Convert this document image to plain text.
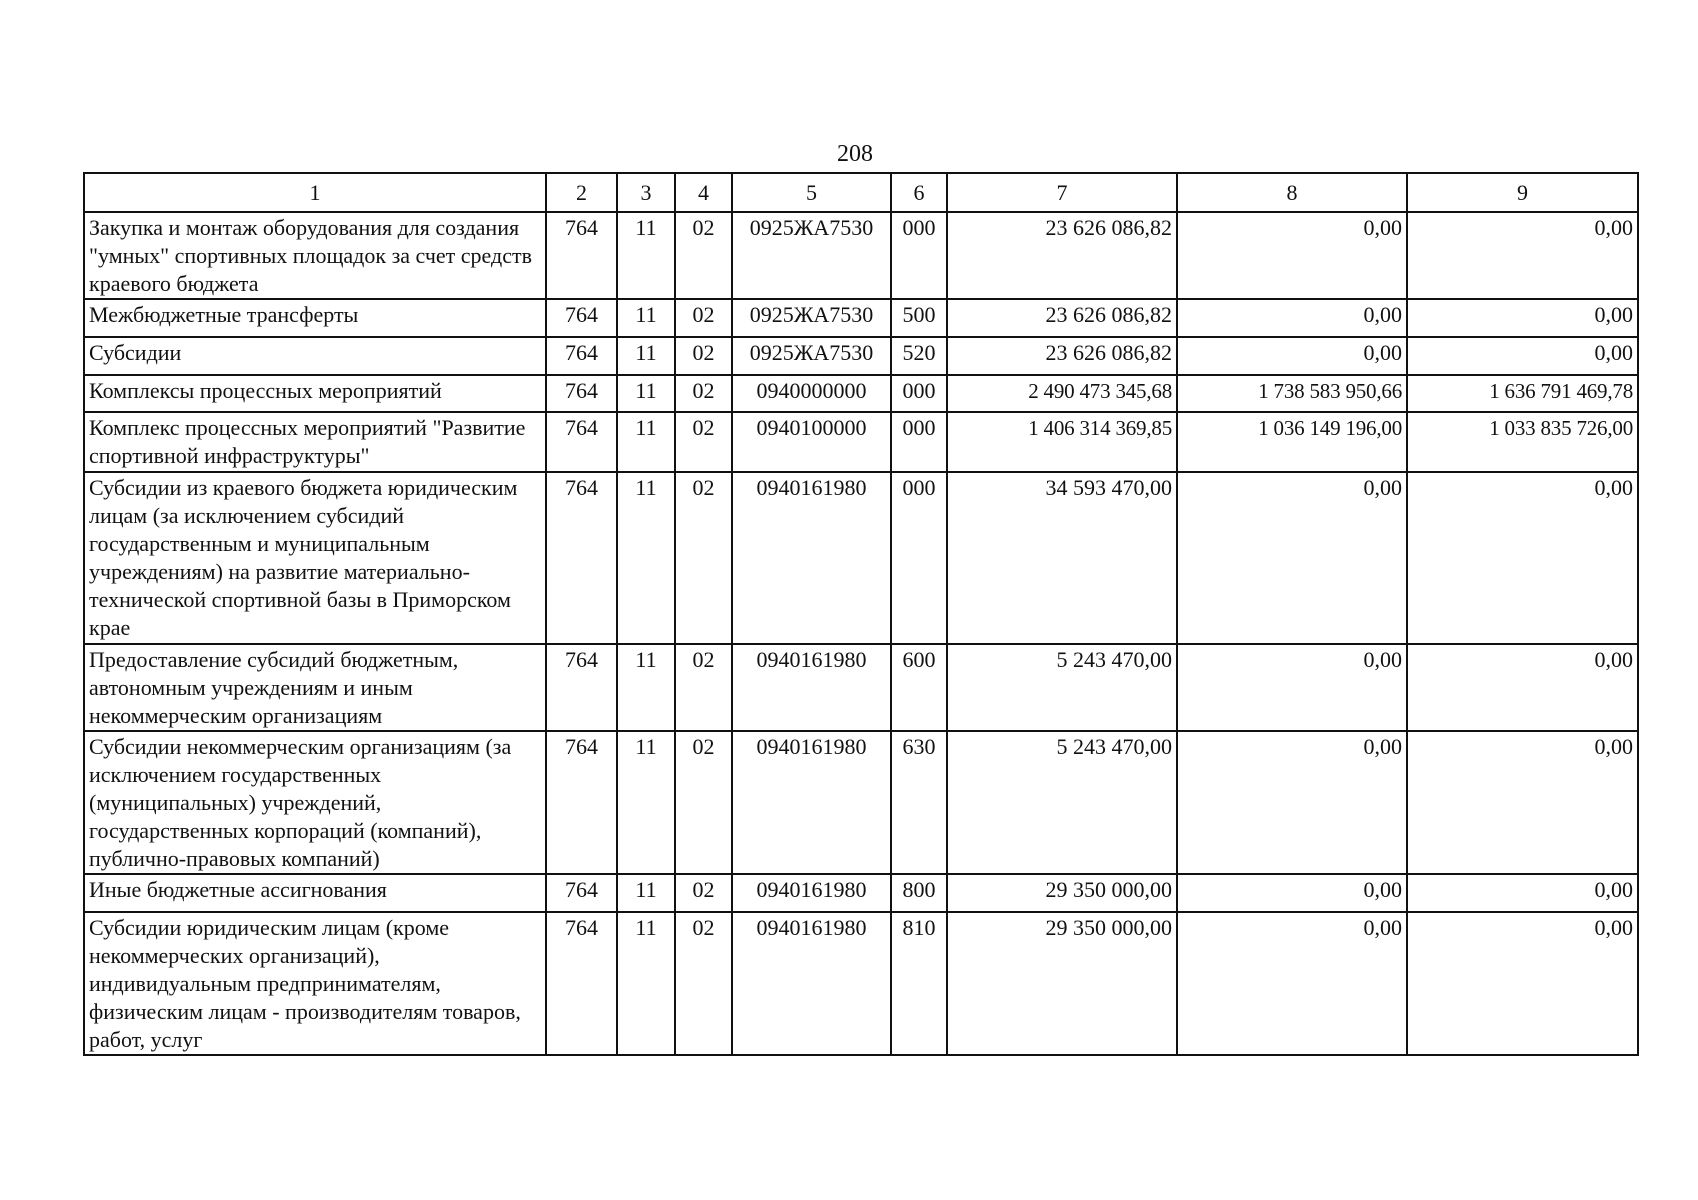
208
1	2	3	4	5	6	7	8	9
Закупка и монтаж оборудования для создания "умных" спортивных площадок за счет средств краевого бюджета	764	11	02	0925ЖА7530	000	23 626 086,82	0,00	0,00
Межбюджетные трансферты	764	11	02	0925ЖА7530	500	23 626 086,82	0,00	0,00
Субсидии	764	11	02	0925ЖА7530	520	23 626 086,82	0,00	0,00
Комплексы процессных мероприятий	764	11	02	0940000000	000	2 490 473 345,68	1 738 583 950,66	1 636 791 469,78
Комплекс процессных мероприятий "Развитие спортивной инфраструктуры"	764	11	02	0940100000	000	1 406 314 369,85	1 036 149 196,00	1 033 835 726,00
Субсидии из краевого бюджета юридическим лицам (за исключением субсидий государственным и муниципальным учреждениям) на развитие материально-технической спортивной базы в Приморском крае	764	11	02	0940161980	000	34 593 470,00	0,00	0,00
Предоставление субсидий бюджетным, автономным учреждениям и иным некоммерческим организациям	764	11	02	0940161980	600	5 243 470,00	0,00	0,00
Субсидии некоммерческим организациям (за исключением государственных (муниципальных) учреждений, государственных корпораций (компаний), публично-правовых компаний)	764	11	02	0940161980	630	5 243 470,00	0,00	0,00
Иные бюджетные ассигнования	764	11	02	0940161980	800	29 350 000,00	0,00	0,00
Субсидии юридическим лицам (кроме некоммерческих организаций), индивидуальным предпринимателям, физическим лицам - производителям товаров, работ, услуг	764	11	02	0940161980	810	29 350 000,00	0,00	0,00
